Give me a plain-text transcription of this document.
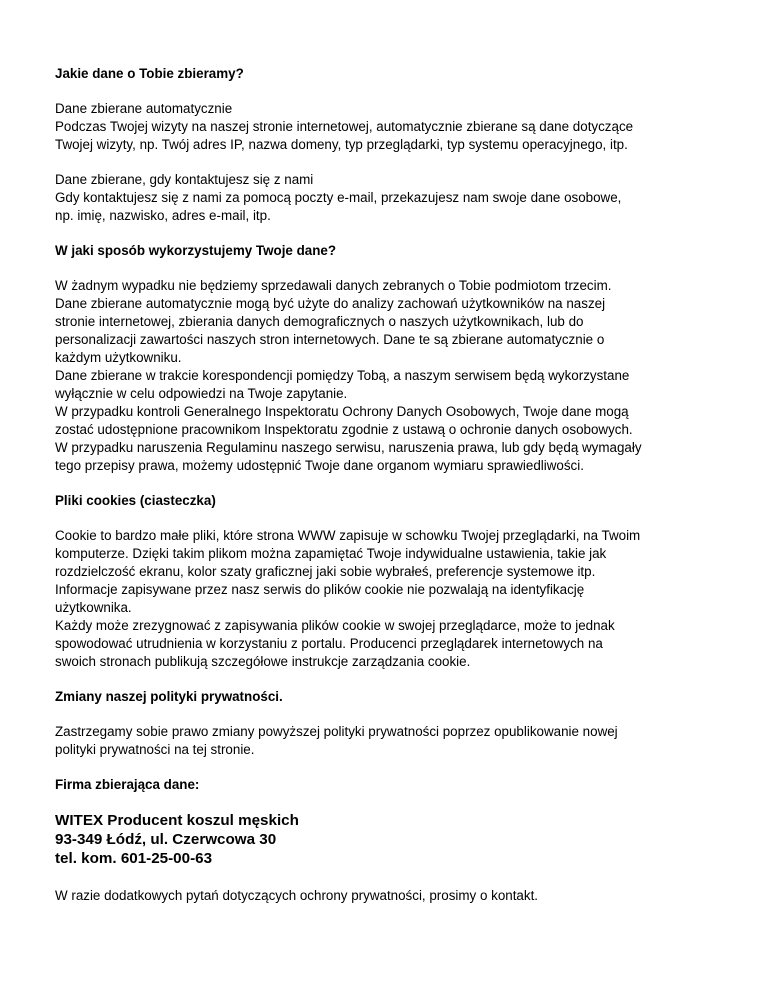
Jakie dane o Tobie zbieramy?
Dane zbierane automatycznie
Podczas Twojej wizyty na naszej stronie internetowej, automatycznie zbierane są dane dotyczące
Twojej wizyty, np. Twój adres IP, nazwa domeny, typ przeglądarki, typ systemu operacyjnego, itp.
Dane zbierane, gdy kontaktujesz się z nami
Gdy kontaktujesz się z nami za pomocą poczty e-mail, przekazujesz nam swoje dane osobowe,
np. imię, nazwisko, adres e-mail, itp.
W jaki sposób wykorzystujemy Twoje dane?
W żadnym wypadku nie będziemy sprzedawali danych zebranych o Tobie podmiotom trzecim.
Dane zbierane automatycznie mogą być użyte do analizy zachowań użytkowników na naszej
stronie internetowej, zbierania danych demograficznych o naszych użytkownikach, lub do
personalizacji zawartości naszych stron internetowych. Dane te są zbierane automatycznie o
każdym użytkowniku.
Dane zbierane w trakcie korespondencji pomiędzy Tobą, a naszym serwisem będą wykorzystane
wyłącznie w celu odpowiedzi na Twoje zapytanie.
W przypadku kontroli Generalnego Inspektoratu Ochrony Danych Osobowych, Twoje dane mogą
zostać udostępnione pracownikom Inspektoratu zgodnie z ustawą o ochronie danych osobowych.
W przypadku naruszenia Regulaminu naszego serwisu, naruszenia prawa, lub gdy będą wymagały
tego przepisy prawa, możemy udostępnić Twoje dane organom wymiaru sprawiedliwości.
Pliki cookies (ciasteczka)
Cookie to bardzo małe pliki, które strona WWW zapisuje w schowku Twojej przeglądarki, na Twoim
komputerze. Dzięki takim plikom można zapamiętać Twoje indywidualne ustawienia, takie jak
rozdzielczość ekranu, kolor szaty graficznej jaki sobie wybrałeś, preferencje systemowe itp.
Informacje zapisywane przez nasz serwis do plików cookie nie pozwalają na identyfikację
użytkownika.
Każdy może zrezygnować z zapisywania plików cookie w swojej przeglądarce, może to jednak
spowodować utrudnienia w korzystaniu z portalu. Producenci przeglądarek internetowych na
swoich stronach publikują szczegółowe instrukcje zarządzania cookie.
Zmiany naszej polityki prywatności.
Zastrzegamy sobie prawo zmiany powyższej polityki prywatności poprzez opublikowanie nowej
polityki prywatności na tej stronie.
Firma zbierająca dane:
WITEX Producent koszul męskich
93-349 Łódź, ul. Czerwcowa 30
tel. kom. 601-25-00-63
W razie dodatkowych pytań dotyczących ochrony prywatności, prosimy o kontakt.
